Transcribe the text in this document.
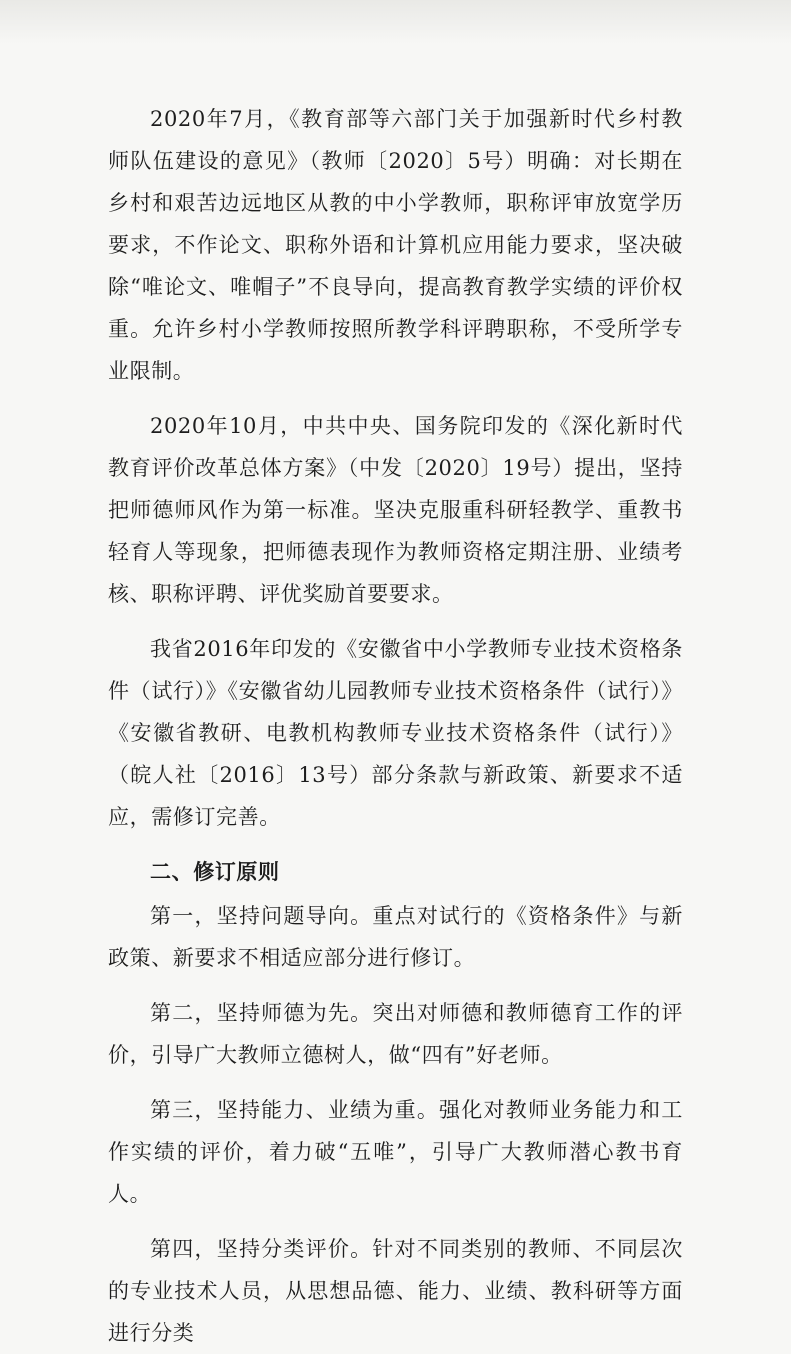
2020年7月，《教育部等六部门关于加强新时代乡村教师队伍建设的意见》（教师〔2020〕5号）明确：对长期在乡村和艰苦边远地区从教的中小学教师，职称评审放宽学历要求，不作论文、职称外语和计算机应用能力要求，坚决破除“唯论文、唯帽子”不良导向，提高教育教学实绩的评价权重。允许乡村小学教师按照所教学科评聘职称，不受所学专业限制。

2020年10月，中共中央、国务院印发的《深化新时代教育评价改革总体方案》（中发〔2020〕19号）提出，坚持把师德师风作为第一标准。坚决克服重科研轻教学、重教书轻育人等现象，把师德表现作为教师资格定期注册、业绩考核、职称评聘、评优奖励首要要求。

我省2016年印发的《安徽省中小学教师专业技术资格条件（试行）》《安徽省幼儿园教师专业技术资格条件（试行）》《安徽省教研、电教机构教师专业技术资格条件（试行）》（皖人社〔2016〕13号）部分条款与新政策、新要求不适应，需修订完善。

二、修订原则

第一，坚持问题导向。重点对试行的《资格条件》与新政策、新要求不相适应部分进行修订。

第二，坚持师德为先。突出对师德和教师德育工作的评价，引导广大教师立德树人，做“四有”好老师。

第三，坚持能力、业绩为重。强化对教师业务能力和工作实绩的评价，着力破“五唯”，引导广大教师潜心教书育人。

第四，坚持分类评价。针对不同类别的教师、不同层次的专业技术人员，从思想品德、能力、业绩、教科研等方面进行分类
